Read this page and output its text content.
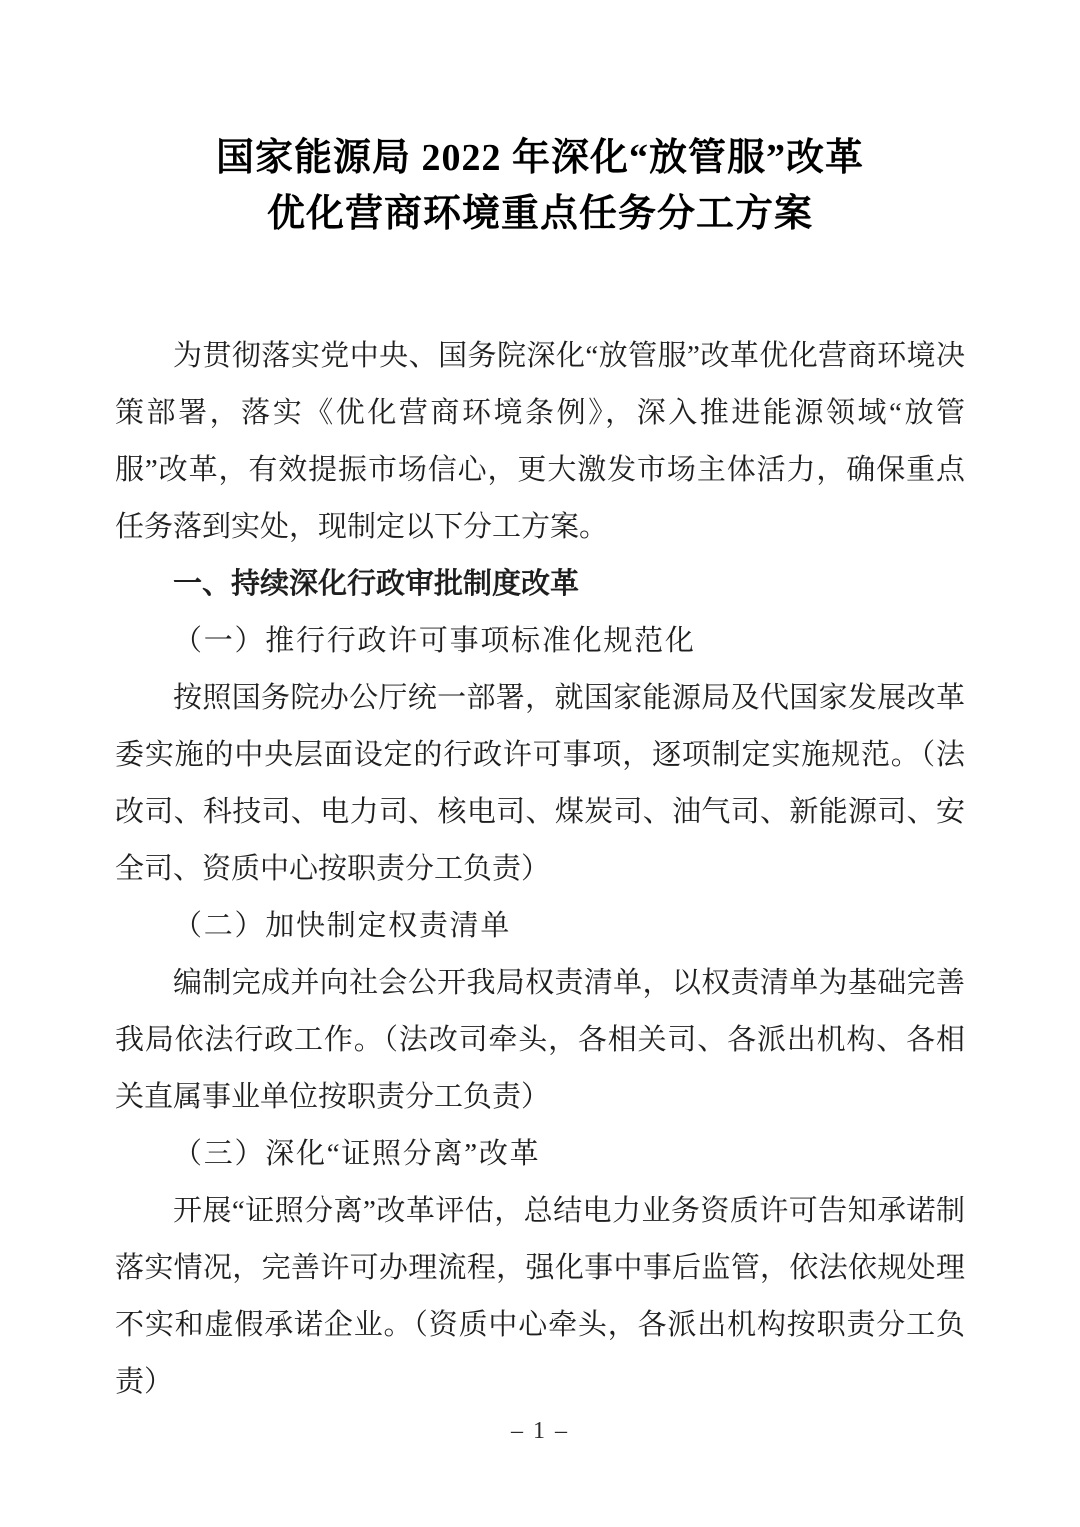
国家能源局 2022 年深化“放管服”改革
优化营商环境重点任务分工方案

为贯彻落实党中央、国务院深化“放管服”改革优化营商环境决策部署，落实《优化营商环境条例》，深入推进能源领域“放管服”改革，有效提振市场信心，更大激发市场主体活力，确保重点任务落到实处，现制定以下分工方案。

一、持续深化行政审批制度改革

（一）推行行政许可事项标准化规范化

按照国务院办公厅统一部署，就国家能源局及代国家发展改革委实施的中央层面设定的行政许可事项，逐项制定实施规范。（法改司、科技司、电力司、核电司、煤炭司、油气司、新能源司、安全司、资质中心按职责分工负责）

（二）加快制定权责清单

编制完成并向社会公开我局权责清单，以权责清单为基础完善我局依法行政工作。（法改司牵头，各相关司、各派出机构、各相关直属事业单位按职责分工负责）

（三）深化“证照分离”改革

开展“证照分离”改革评估，总结电力业务资质许可告知承诺制落实情况，完善许可办理流程，强化事中事后监管，依法依规处理不实和虚假承诺企业。（资质中心牵头，各派出机构按职责分工负责）

– 1 –
